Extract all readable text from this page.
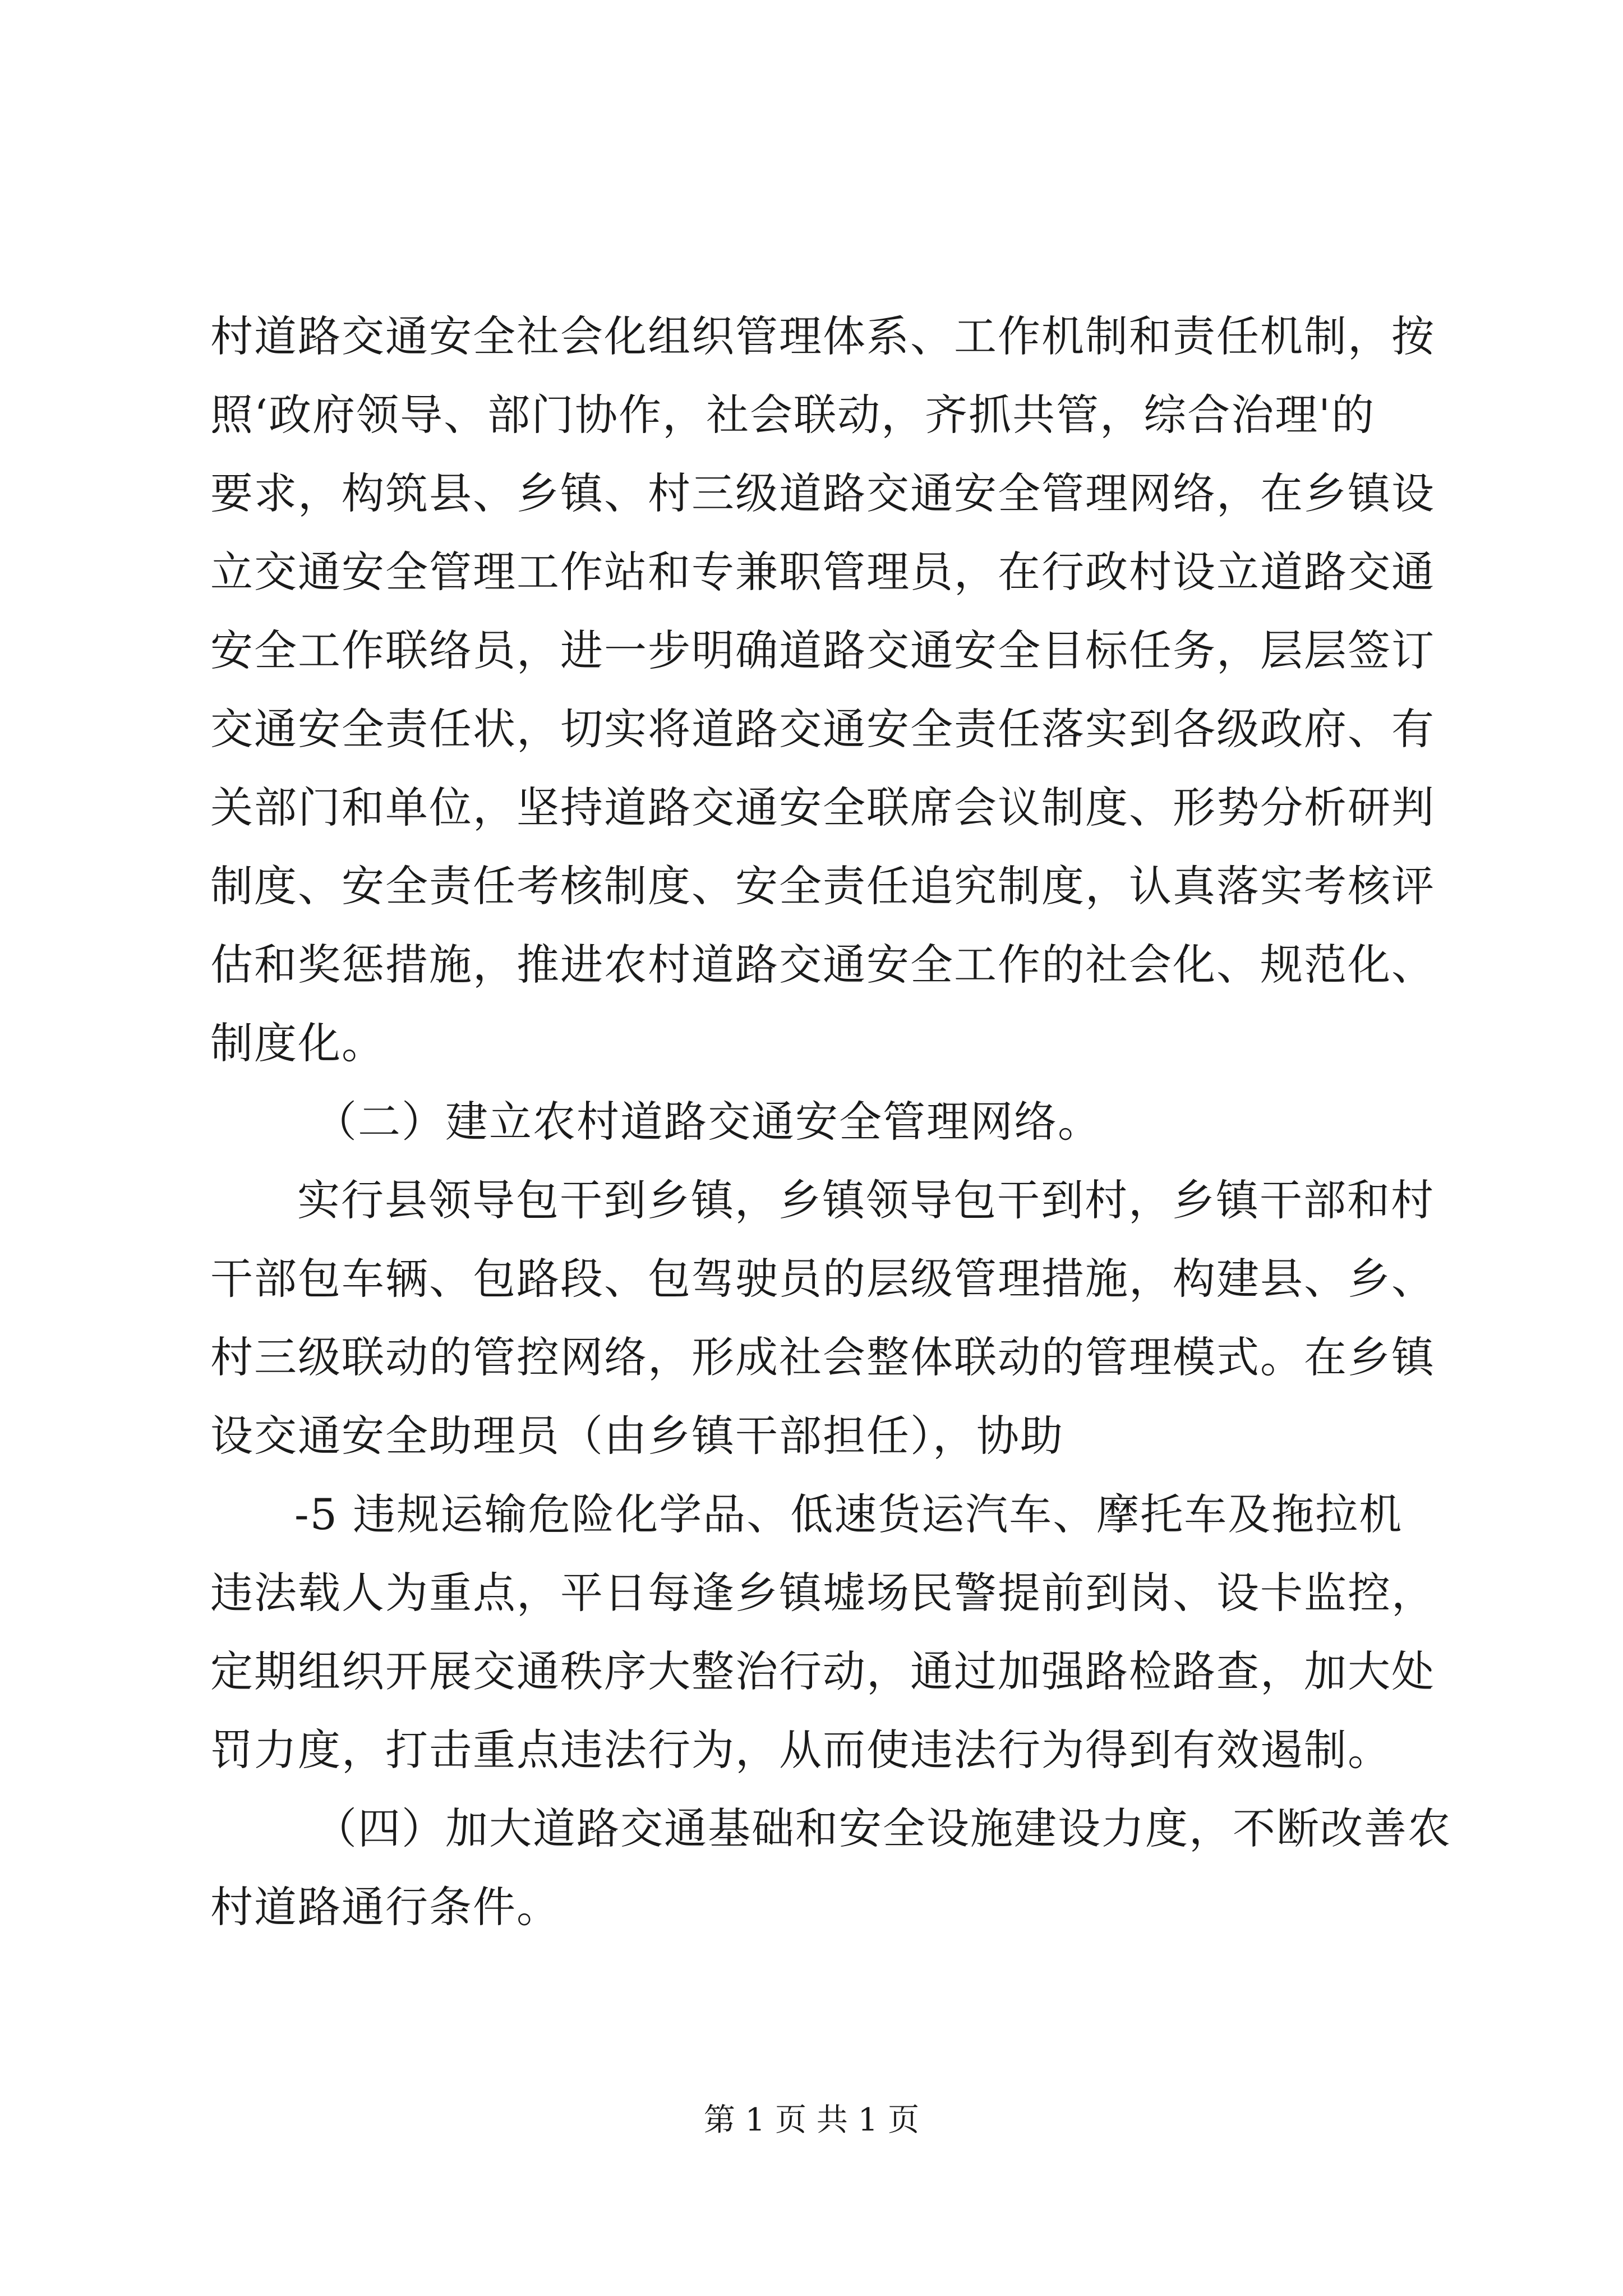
村道路交通安全社会化组织管理体系、工作机制和责任机制，按
照‘政府领导、部门协作，社会联动，齐抓共管，综合治理'的
要求，构筑县、乡镇、村三级道路交通安全管理网络，在乡镇设
立交通安全管理工作站和专兼职管理员，在行政村设立道路交通
安全工作联络员，进一步明确道路交通安全目标任务，层层签订
交通安全责任状，切实将道路交通安全责任落实到各级政府、有
关部门和单位，坚持道路交通安全联席会议制度、形势分析研判
制度、安全责任考核制度、安全责任追究制度，认真落实考核评
估和奖惩措施，推进农村道路交通安全工作的社会化、规范化、
制度化。
（二）建立农村道路交通安全管理网络。
实行县领导包干到乡镇，乡镇领导包干到村，乡镇干部和村
干部包车辆、包路段、包驾驶员的层级管理措施，构建县、乡、
村三级联动的管控网络，形成社会整体联动的管理模式。在乡镇
设交通安全助理员（由乡镇干部担任），协助
-5 违规运输危险化学品、低速货运汽车、摩托车及拖拉机
违法载人为重点，平日每逢乡镇墟场民警提前到岗、设卡监控，
定期组织开展交通秩序大整治行动，通过加强路检路查，加大处
罚力度，打击重点违法行为，从而使违法行为得到有效遏制。
（四）加大道路交通基础和安全设施建设力度，不断改善农
村道路通行条件。
第 1 页 共 1 页
